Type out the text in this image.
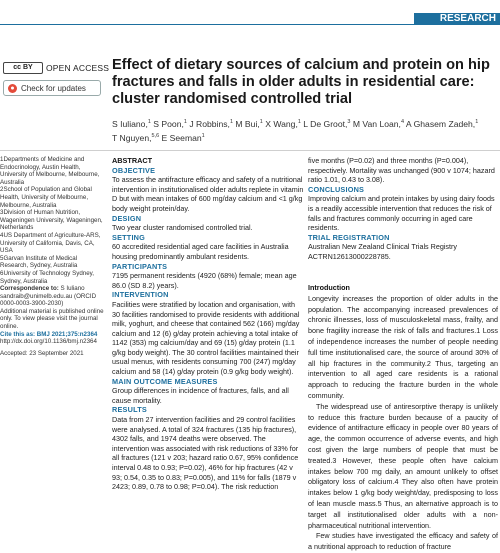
RESEARCH
cc BY	OPEN ACCESS
● Check for updates
Effect of dietary sources of calcium and protein on hip fractures and falls in older adults in residential care: cluster randomised controlled trial
S Iuliano,$^1$ S Poon,$^1$ J Robbins,$^1$ M Bui,$^1$ X Wang,$^1$ L De Groot,$^3$ M Van Loan,$^4$ A Ghasem Zadeh,$^1$
T Nguyen,$^{5,6}$ E Seeman$^1$

1Departments of Medicine and Endocrinology, Austin Health, University of Melbourne, Melbourne, Australia

2School of Population and Global Health, University of Melbourne, Melbourne, Australia

3Division of Human Nutrition, Wageningen University, Wageningen, Netherlands

4US Department of Agriculture-ARS, University of California, Davis, CA, USA

5Garvan Institute of Medical Research, Sydney, Australia

6University of Technology Sydney, Sydney, Australia

Correspondence to: S Iuliano sandraib@unimelb.edu.au (ORCID 0000-0003-3900-2030)

Additional material is published online only. To view please visit the journal online.

Cite this as: BMJ 2021;375:n2364

http://dx.doi.org/10.1136/bmj.n2364

Accepted: 23 September 2021

ABSTRACT
OBJECTIVE

To assess the antifracture efficacy and safety of a nutritional intervention in institutionalised older adults replete in vitamin D but with mean intakes of 600 mg/day calcium and <1 g/kg body weight protein/day.

DESIGN

Two year cluster randomised controlled trial.

SETTING

60 accredited residential aged care facilities in Australia housing predominantly ambulant residents.

PARTICIPANTS

7195 permanent residents (4920 (68%) female; mean age 86.0 (SD 8.2) years).

INTERVENTION

Facilities were stratified by location and organisation, with 30 facilities randomised to provide residents with additional milk, yoghurt, and cheese that contained 562 (166) mg/day calcium and 12 (6) g/day protein achieving a total intake of 1142 (353) mg calcium/day and 69 (15) g/day protein (1.1 g/kg body weight). The 30 control facilities maintained their usual menus, with residents consuming 700 (247) mg/day calcium and 58 (14) g/day protein (0.9 g/kg body weight).

MAIN OUTCOME MEASURES

Group differences in incidence of fractures, falls, and all cause mortality.

RESULTS

Data from 27 intervention facilities and 29 control facilities were analysed. A total of 324 fractures (135 hip fractures), 4302 falls, and 1974 deaths were observed. The intervention was associated with risk reductions of 33% for all fractures (121 v 203; hazard ratio 0.67, 95% confidence interval 0.48 to 0.93; P=0.02), 46% for hip fractures (42 v 93; 0.54, 0.35 to 0.83; P=0.005), and 11% for falls (1879 v 2423; 0.89, 0.78 to 0.98; P=0.04). The risk reduction

five months (P=0.02) and three months (P=0.004), respectively. Mortality was unchanged (900 v 1074; hazard ratio 1.01, 0.43 to 3.08).

CONCLUSIONS

Improving calcium and protein intakes by using dairy foods is a readily accessible intervention that reduces the risk of falls and fractures commonly occurring in aged care residents.

TRIAL REGISTRATION

Australian New Zealand Clinical Trials Registry ACTRN12613000228785.

Introduction

Longevity increases the proportion of older adults in the population. The accompanying increased prevalences of chronic illnesses, loss of musculoskeletal mass, frailty, and bone fragility increase the risk of falls and fractures.1 Loss of independence increases the number of people needing full time institutionalised care, the source of around 30% of all hip fractures in the community.2 Thus, targeting an intervention to all aged care residents is a rational approach to reducing the fracture burden in the whole community.

The widespread use of antiresorptive therapy is unlikely to reduce this fracture burden because of a paucity of evidence of antifracture efficacy in people over 80 years of age, the common occurrence of adverse events, and high cost given the large numbers of people that must be treated.3 However, these people often have calcium intakes below 700 mg daily, an amount unlikely to offset obligatory loss of calcium.4 They also often have protein intakes below 1 g/kg body weight/day, predisposing to loss of lean muscle mass.5 Thus, an alternative approach is to target all institutionalised older adults with a non-pharmaceutical nutritional intervention.

Few studies have investigated the efficacy and safety of a nutritional approach to reduction of fracture
